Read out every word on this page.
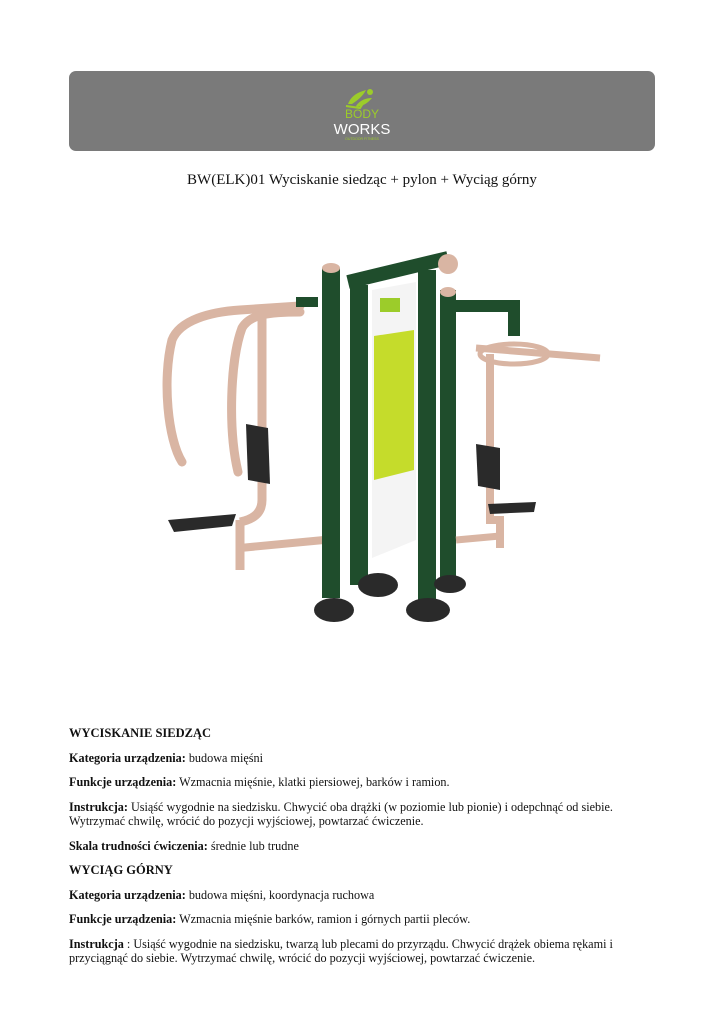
BODY
WORKS
OUTDOOR FITNESS
BW(ELK)01 Wyciskanie siedząc + pylon + Wyciąg górny
WYCISKANIE SIEDZĄC
Kategoria urządzenia: budowa mięśni
Funkcje urządzenia: Wzmacnia mięśnie, klatki piersiowej, barków i ramion.
Instrukcja: Usiąść wygodnie na siedzisku. Chwycić oba drążki (w poziomie lub pionie) i odepchnąć od siebie. Wytrzymać chwilę, wrócić do pozycji wyjściowej, powtarzać ćwiczenie.
Skala trudności ćwiczenia: średnie lub trudne
WYCIĄG GÓRNY
Kategoria urządzenia: budowa mięśni, koordynacja ruchowa
Funkcje urządzenia: Wzmacnia mięśnie barków, ramion i górnych partii pleców.
Instrukcja : Usiąść wygodnie na siedzisku, twarzą lub plecami do przyrządu. Chwycić drążek obiema rękami i przyciągnąć do siebie. Wytrzymać chwilę, wrócić do pozycji wyjściowej, powtarzać ćwiczenie.
